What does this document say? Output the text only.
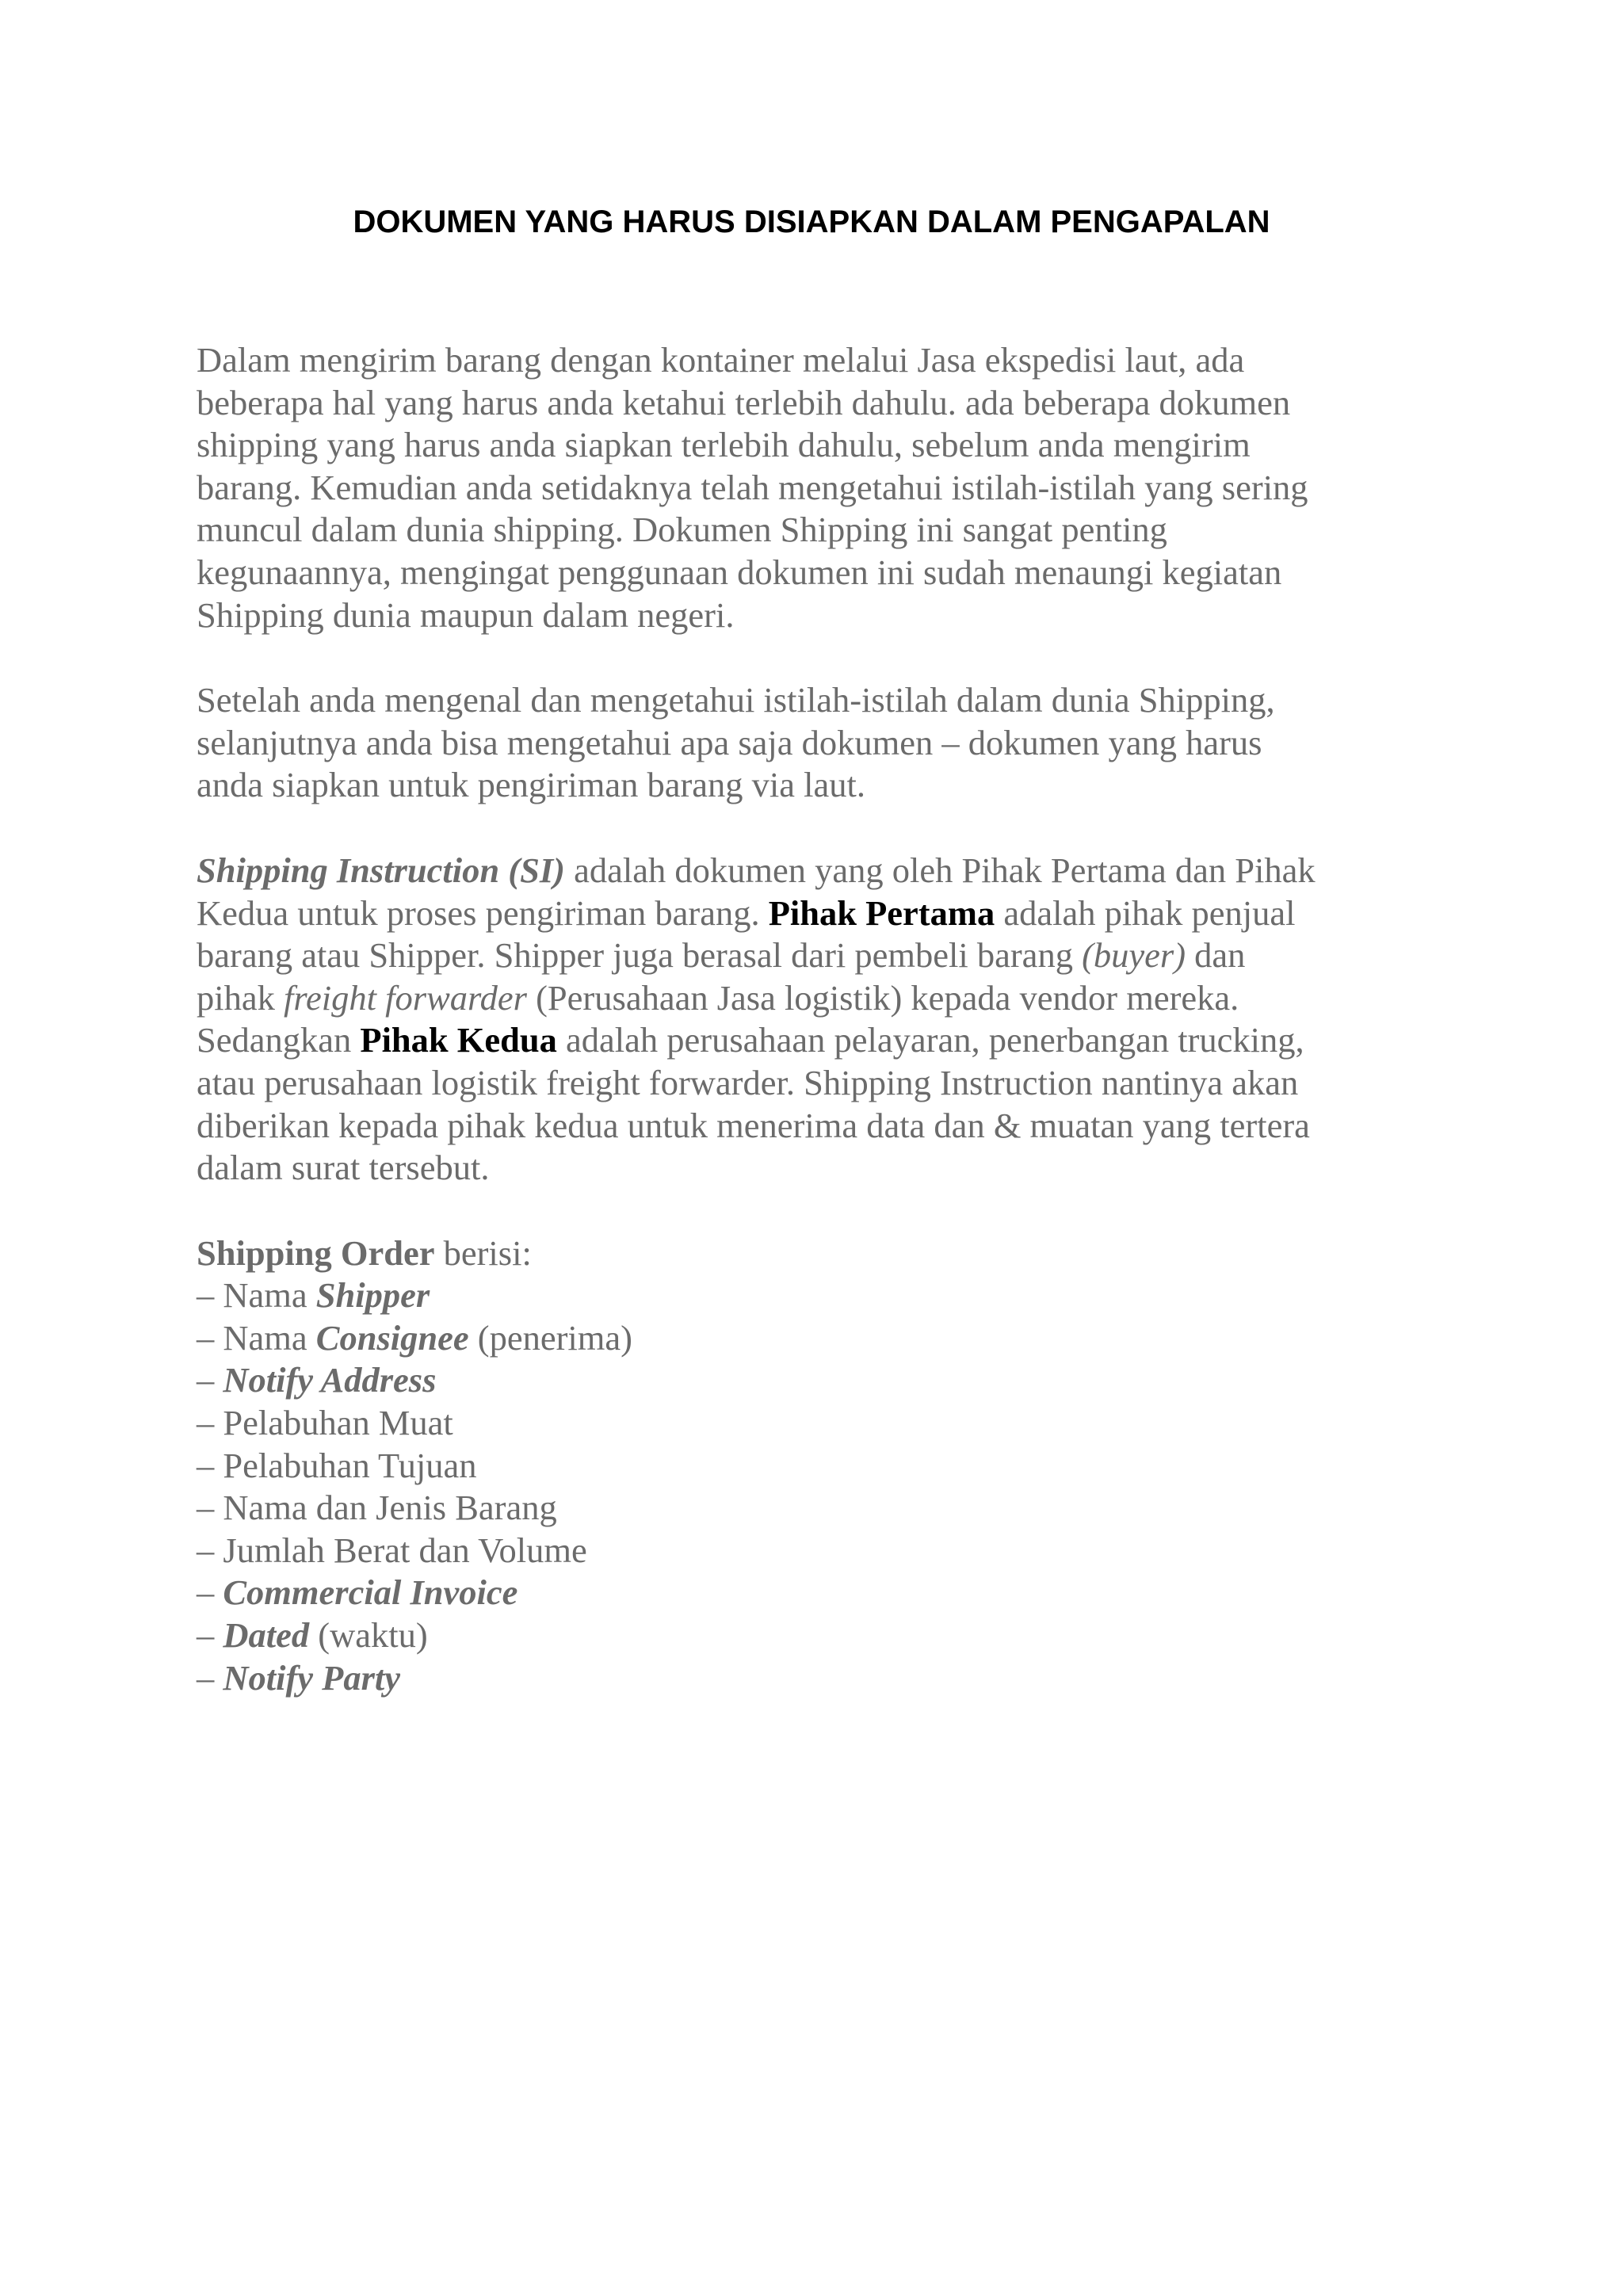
DOKUMEN YANG HARUS DISIAPKAN DALAM PENGAPALAN

Dalam mengirim barang dengan kontainer melalui Jasa ekspedisi laut, ada
beberapa hal yang harus anda ketahui terlebih dahulu. ada beberapa dokumen
shipping yang harus anda siapkan terlebih dahulu, sebelum anda mengirim
barang. Kemudian anda setidaknya telah mengetahui istilah-istilah yang sering
muncul dalam dunia shipping. Dokumen Shipping ini sangat penting
kegunaannya, mengingat penggunaan dokumen ini sudah menaungi kegiatan
Shipping dunia maupun dalam negeri.

Setelah anda mengenal dan mengetahui istilah-istilah dalam dunia Shipping,
selanjutnya anda bisa mengetahui apa saja dokumen – dokumen yang harus
anda siapkan untuk pengiriman barang via laut.

Shipping Instruction (SI) adalah dokumen yang oleh Pihak Pertama dan Pihak
Kedua untuk proses pengiriman barang. Pihak Pertama adalah pihak penjual
barang atau Shipper. Shipper juga berasal dari pembeli barang (buyer) dan
pihak freight forwarder (Perusahaan Jasa logistik) kepada vendor mereka.
Sedangkan Pihak Kedua adalah perusahaan pelayaran, penerbangan trucking,
atau perusahaan logistik freight forwarder. Shipping Instruction nantinya akan
diberikan kepada pihak kedua untuk menerima data dan & muatan yang tertera
dalam surat tersebut.

Shipping Order berisi:
– Nama Shipper
– Nama Consignee (penerima)
– Notify Address
– Pelabuhan Muat
– Pelabuhan Tujuan
– Nama dan Jenis Barang
– Jumlah Berat dan Volume
– Commercial Invoice
– Dated (waktu)
– Notify Party
